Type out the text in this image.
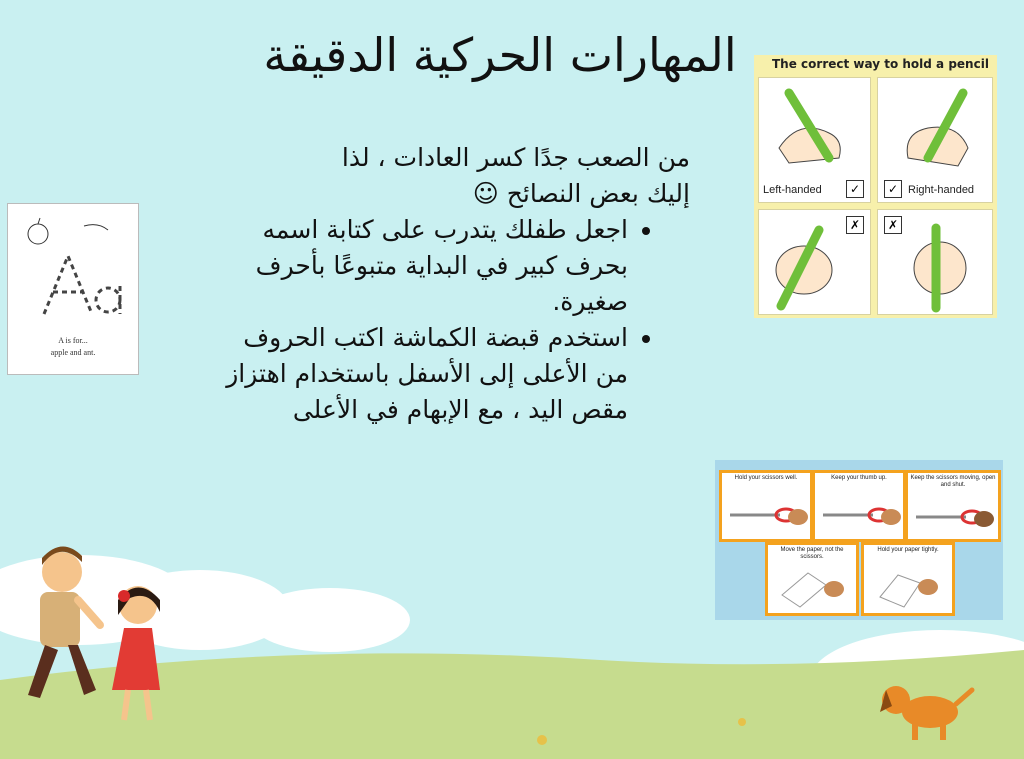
المهارات الحركية الدقيقة

من الصعب جدًا كسر العادات ، لذا

إليك بعض النصائح ☺

• اجعل طفلك يتدرب على كتابة اسمه بحرف كبير في البداية متبوعًا بأحرف صغيرة.
• استخدم قبضة الكماشة اكتب الحروف من الأعلى إلى الأسفل باستخدام اهتزاز مقص اليد ، مع الإبهام في الأعلى
The correct way to hold a pencil
Left-handed	✓	✓ Right-handed
✗	✗
A is for...
apple and ant.
Hold your scissors well.	Keep your thumb up.	Keep the scissors moving, open and shut.
Move the paper, not the scissors.
Hold your paper tightly.
